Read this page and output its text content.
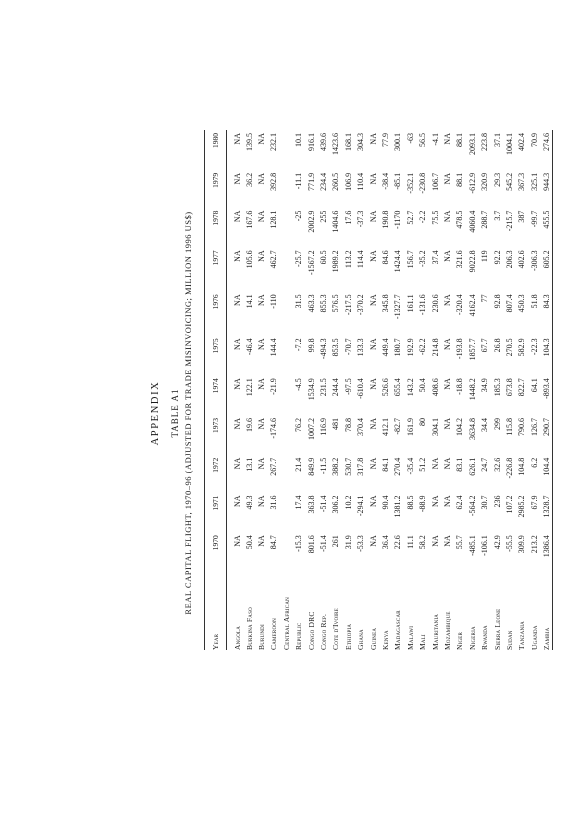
APPENDIX TABLE A1 REAL CAPITAL FLIGHT, 1970–96 (ADJUSTED FOR TRADE MISINVOICING; MILLION 1996 US$)
Year	1970	1971	1972	1973	1974	1975	1976	1977	1978	1979	1980
Angola	NA	NA	NA	NA	NA	NA	NA	NA	NA	NA	NA
Burkina Faso	50.4	49.3	13.1	19.6	122.1	-46.4	14.1	105.6	167.6	36.2	139.5
Burundi	NA	NA	NA	NA	NA	NA	NA	NA	NA	NA	NA
Cameroon	84.7	31.6	267.7	-174.6	-21.9	144.4	-110	462.7	128.1	392.8	232.1
Central African											
Republic	-15.3	17.4	21.4	76.2	-4.5	-7.2	31.5	-25.7	-25	-11.1	10.1
Congo DRC	801.6	363.8	849.9	1007.2	1534.9	99.8	463.3	-1567.2	2002.9	771.9	916.1
Congo Rep.	-51.4	-51.4	-11.5	116.9	231.5	-494.3	855.3	60.5	255	234.4	439.6
Cote d'Ivoire	261	306.2	388.2	481	244.4	853.5	576.5	1989.2	1404.6	260.5	1423.6
Ethiopia	31.9	10.2	530.7	78.8	-97.5	-70.7	-217.5	113.2	17.6	106.9	168.1
Ghana	-53.3	-294.1	317.8	370.4	-610.4	133.3	-370.2	114.4	-37.3	110.4	304.3
Guinea	NA	NA	NA	NA	NA	NA	NA	NA	NA	NA	NA
Kenya	36.4	90.4	84.1	412.1	526.6	449.4	345.8	84.6	190.8	-38.4	77.9
Madagascar	22.6	1381.2	270.4	-82.7	655.4	180.7	-1327.7	1424.4	-1170	-85.1	300.1
Malawi	11.1	88.5	-35.4	161.9	143.2	192.9	161.1	156.7	52.7	-352.1	-63
Mali	58.2	-88.9	51.2	80	50.4	-62.2	-131.6	-35.2	-2.2	-230.8	56.5
Mauritania	NA	NA	NA	304.1	408.6	214.8	230.6	37.4	75.5	106.7	-4.1
Mozambique	NA	NA	NA	NA	NA	NA	NA	NA	NA	NA	NA
Niger	55.7	62.4	83.1	104.2	-18.8	-193.8	-320.4	321.6	478.5	88.1	88.1
Nigeria	-485.1	-564.2	626.1	3634.8	1448.2	1857.7	4162.4	9022.8	4060.4	-612.9	2093.1
Rwanda	-106.1	30.7	24.7	34.4	34.9	67.7	77	119	288.7	320.9	223.8
Sierra Leone	42.9	236	32.6	299	185.3	26.8	92.8	92.2	3.7	29.3	37.1
Sudan	-55.5	107.2	-226.8	115.8	673.8	270.5	807.4	206.3	-215.7	545.2	1004.1
Tanzania	309.9	2985.2	104.8	790.6	822.7	582.9	450.3	402.6	387	367.3	402.4
Uganda	213.2	67.9	6.2	126.7	64.1	-22.3	51.8	-306.3	-99.7	325.1	70.9
Zambia	1386.4	1328.7	104.4	290.7	-893.4	104.3	84.3	605.2	455.5	944.3	274.6
